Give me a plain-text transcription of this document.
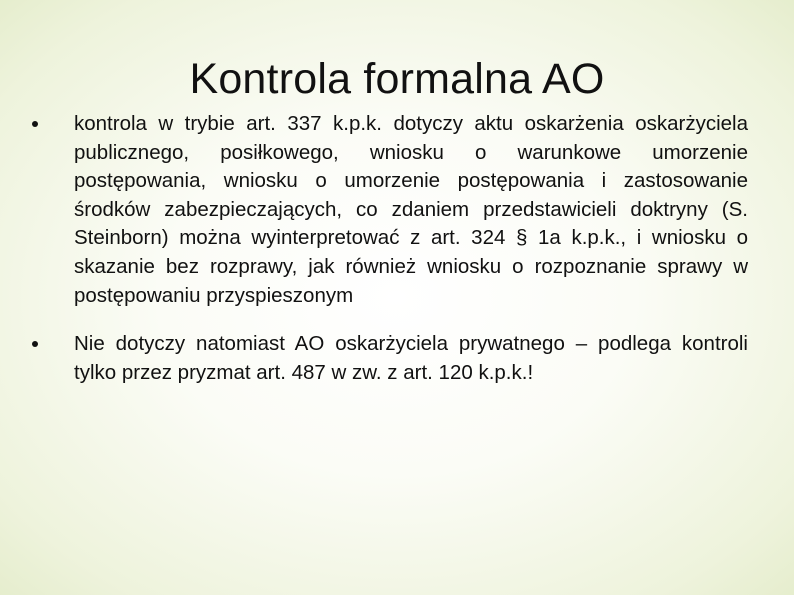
Kontrola formalna AO
kontrola w trybie art. 337 k.p.k. dotyczy aktu oskarżenia oskarżyciela publicznego, posiłkowego, wniosku o warunkowe umorzenie postępowania, wniosku o umorzenie postępowania i zastosowanie środków zabezpieczających, co zdaniem przedstawicieli doktryny (S. Steinborn) można wyinterpretować z art. 324 § 1a k.p.k., i wniosku o skazanie bez rozprawy, jak również wniosku o rozpoznanie sprawy w postępowaniu przyspieszonym
Nie dotyczy natomiast AO oskarżyciela prywatnego – podlega kontroli tylko przez pryzmat art. 487 w zw. z art. 120 k.p.k.!
